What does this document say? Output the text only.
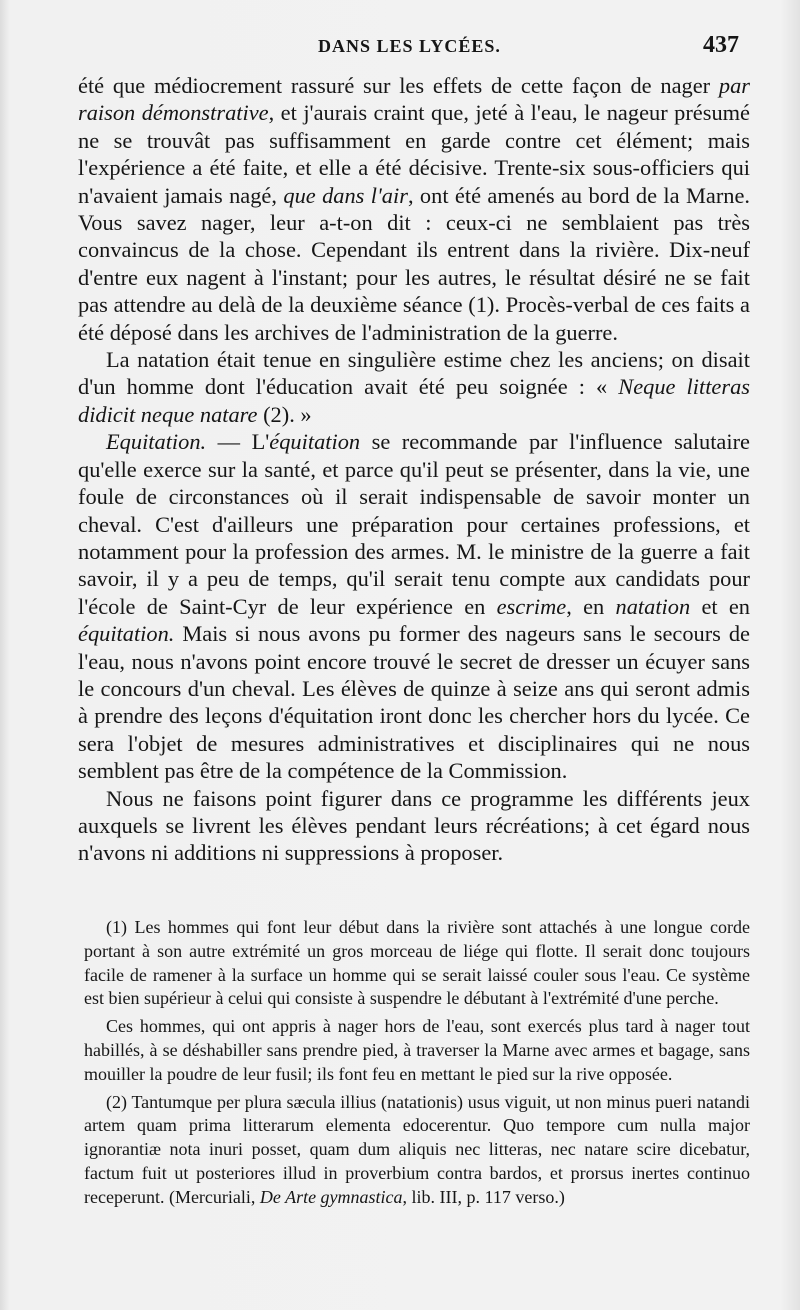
DANS LES LYCÉES.	437

été que médiocrement rassuré sur les effets de cette façon de nager par raison démonstrative, et j'aurais craint que, jeté à l'eau, le nageur présumé ne se trouvât pas suffisamment en garde contre cet élément; mais l'expérience a été faite, et elle a été décisive. Trente-six sous-officiers qui n'avaient jamais nagé, que dans l'air, ont été amenés au bord de la Marne. Vous savez nager, leur a-t-on dit : ceux-ci ne semblaient pas très convaincus de la chose. Cependant ils entrent dans la rivière. Dix-neuf d'entre eux nagent à l'instant; pour les autres, le résultat désiré ne se fait pas attendre au delà de la deuxième séance (1). Procès-verbal de ces faits a été déposé dans les archives de l'administration de la guerre.

La natation était tenue en singulière estime chez les anciens; on disait d'un homme dont l'éducation avait été peu soignée : « Neque litteras didicit neque natare (2). »

Equitation. — L'équitation se recommande par l'influence salutaire qu'elle exerce sur la santé, et parce qu'il peut se présenter, dans la vie, une foule de circonstances où il serait indispensable de savoir monter un cheval. C'est d'ailleurs une préparation pour certaines professions, et notamment pour la profession des armes. M. le ministre de la guerre a fait savoir, il y a peu de temps, qu'il serait tenu compte aux candidats pour l'école de Saint-Cyr de leur expérience en escrime, en natation et en équitation. Mais si nous avons pu former des nageurs sans le secours de l'eau, nous n'avons point encore trouvé le secret de dresser un écuyer sans le concours d'un cheval. Les élèves de quinze à seize ans qui seront admis à prendre des leçons d'équitation iront donc les chercher hors du lycée. Ce sera l'objet de mesures administratives et disciplinaires qui ne nous semblent pas être de la compétence de la Commission.

Nous ne faisons point figurer dans ce programme les différents jeux auxquels se livrent les élèves pendant leurs récréations; à cet égard nous n'avons ni additions ni suppressions à proposer.

(1) Les hommes qui font leur début dans la rivière sont attachés à une longue corde portant à son autre extrémité un gros morceau de liége qui flotte. Il serait donc toujours facile de ramener à la surface un homme qui se serait laissé couler sous l'eau. Ce système est bien supérieur à celui qui consiste à suspendre le débutant à l'extrémité d'une perche.

Ces hommes, qui ont appris à nager hors de l'eau, sont exercés plus tard à nager tout habillés, à se déshabiller sans prendre pied, à traverser la Marne avec armes et bagage, sans mouiller la poudre de leur fusil; ils font feu en mettant le pied sur la rive opposée.

(2) Tantumque per plura sæcula illius (natationis) usus viguit, ut non minus pueri natandi artem quam prima litterarum elementa edocerentur. Quo tempore cum nulla major ignorantiæ nota inuri posset, quam dum aliquis nec litteras, nec natare scire dicebatur, factum fuit ut posteriores illud in proverbium contra bardos, et prorsus inertes continuo receperunt. (Mercuriali, De Arte gymnastica, lib. III, p. 117 verso.)
